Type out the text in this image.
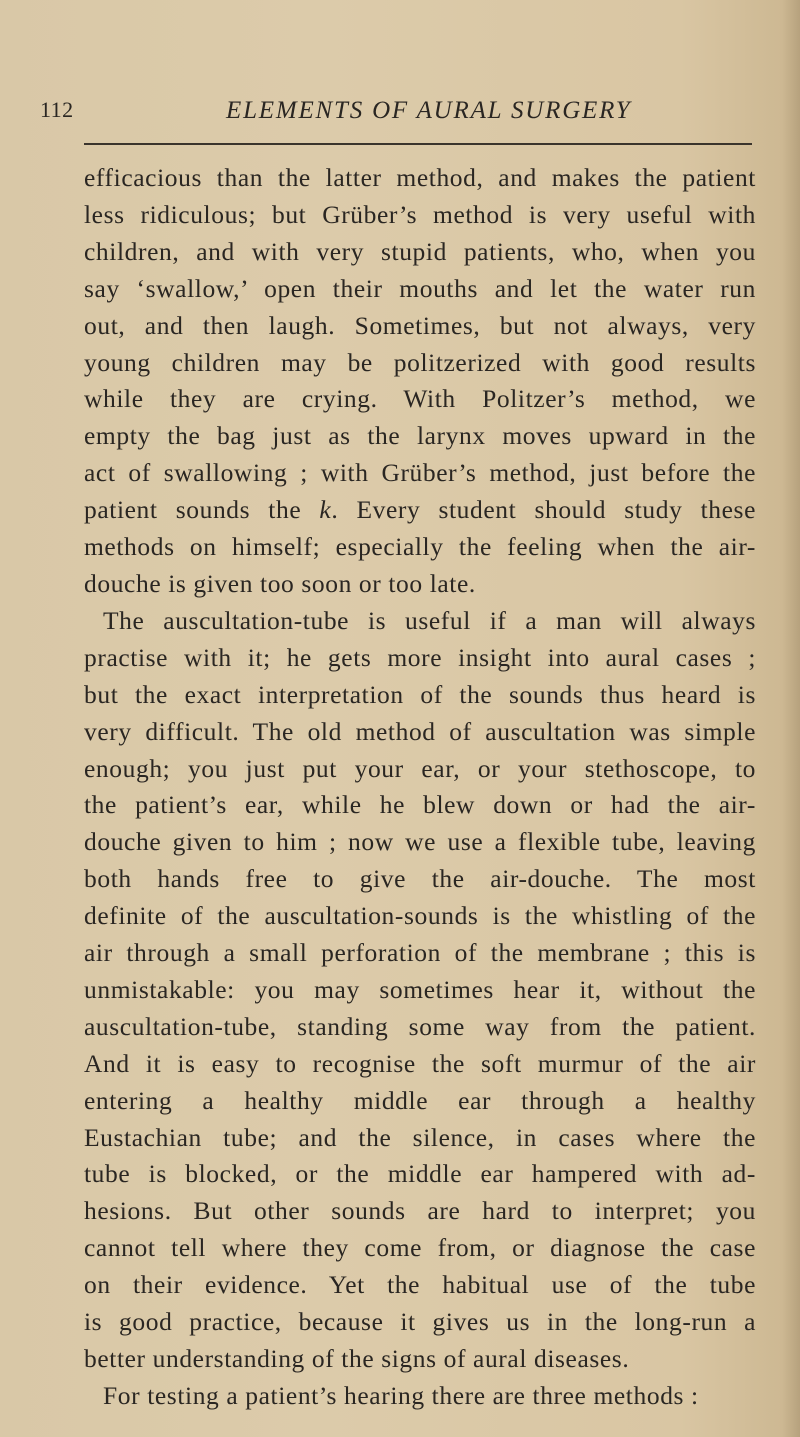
112	ELEMENTS OF AURAL SURGERY
efficacious than the latter method, and makes the patient
less ridiculous; but Grüber’s method is very useful with
children, and with very stupid patients, who, when you
say ‘swallow,’ open their mouths and let the water run
out, and then laugh. Sometimes, but not always, very
young children may be politzerized with good results
while they are crying. With Politzer’s method, we
empty the bag just as the larynx moves upward in the
act of swallowing ; with Grüber’s method, just before the
patient sounds the k. Every student should study these
methods on himself; especially the feeling when the air-
douche is given too soon or too late.
The auscultation-tube is useful if a man will always
practise with it; he gets more insight into aural cases ;
but the exact interpretation of the sounds thus heard is
very difficult. The old method of auscultation was simple
enough; you just put your ear, or your stethoscope, to
the patient’s ear, while he blew down or had the air-
douche given to him ; now we use a flexible tube, leaving
both hands free to give the air-douche. The most
definite of the auscultation-sounds is the whistling of the
air through a small perforation of the membrane ; this is
unmistakable: you may sometimes hear it, without the
auscultation-tube, standing some way from the patient.
And it is easy to recognise the soft murmur of the air
entering a healthy middle ear through a healthy
Eustachian tube; and the silence, in cases where the
tube is blocked, or the middle ear hampered with ad-
hesions. But other sounds are hard to interpret; you
cannot tell where they come from, or diagnose the case
on their evidence. Yet the habitual use of the tube
is good practice, because it gives us in the long-run a
better understanding of the signs of aural diseases.
For testing a patient’s hearing there are three methods :
